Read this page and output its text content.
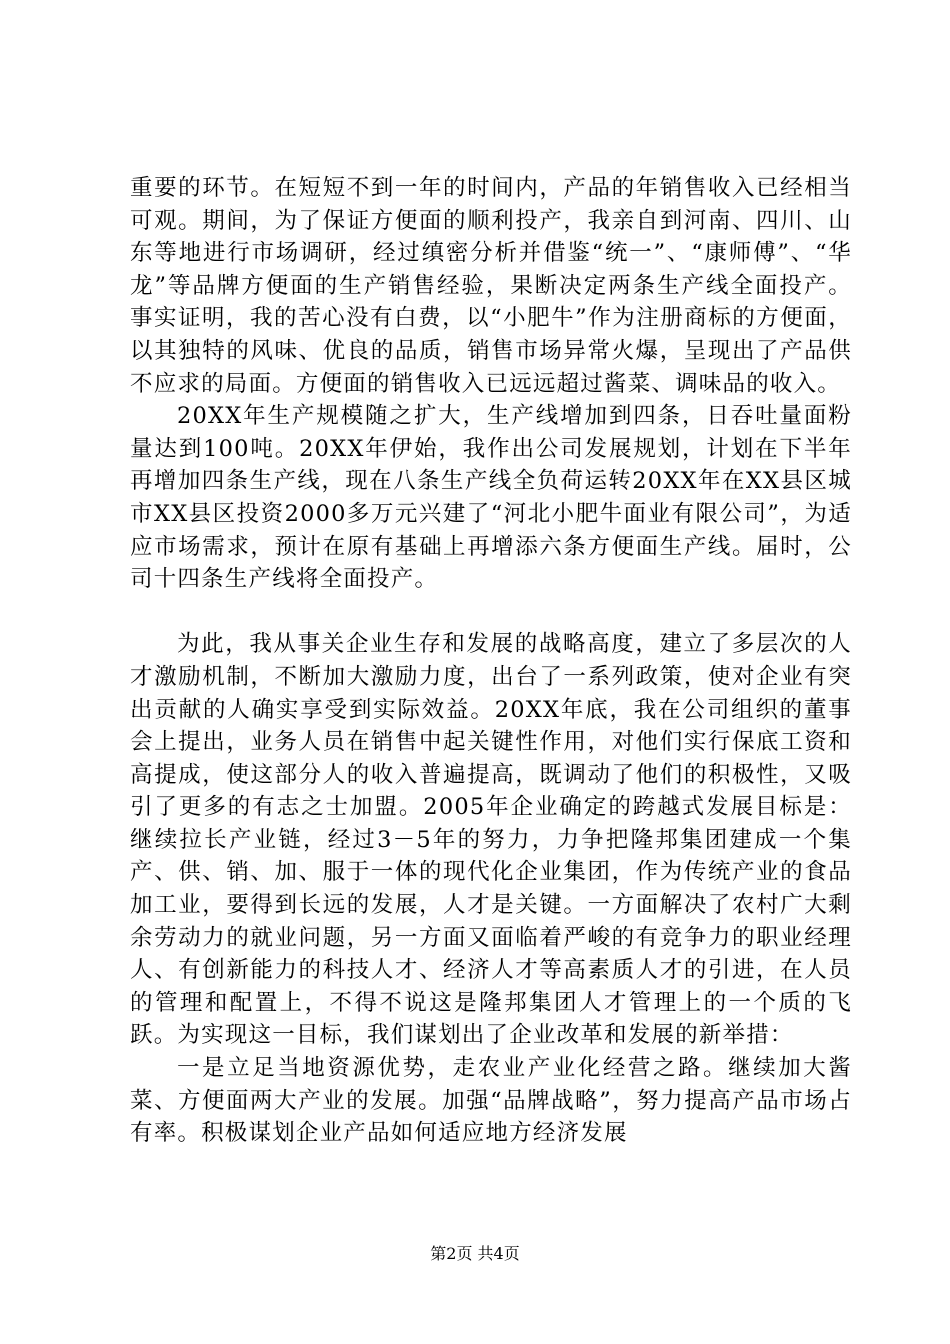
重要的环节。在短短不到一年的时间内，产品的年销售收入已经相当可观。期间，为了保证方便面的顺利投产，我亲自到河南、四川、山东等地进行市场调研，经过缜密分析并借鉴“统一”、“康师傅”、“华龙”等品牌方便面的生产销售经验，果断决定两条生产线全面投产。事实证明，我的苦心没有白费，以“小肥牛”作为注册商标的方便面，以其独特的风味、优良的品质，销售市场异常火爆，呈现出了产品供不应求的局面。方便面的销售收入已远远超过酱菜、调味品的收入。

20XX年生产规模随之扩大，生产线增加到四条，日吞吐量面粉量达到100吨。20XX年伊始，我作出公司发展规划，计划在下半年再增加四条生产线，现在八条生产线全负荷运转20XX年在XX县区城市XX县区投资2000多万元兴建了“河北小肥牛面业有限公司”，为适应市场需求，预计在原有基础上再增添六条方便面生产线。届时，公司十四条生产线将全面投产。

为此，我从事关企业生存和发展的战略高度，建立了多层次的人才激励机制，不断加大激励力度，出台了一系列政策，使对企业有突出贡献的人确实享受到实际效益。20XX年底，我在公司组织的董事会上提出，业务人员在销售中起关键性作用，对他们实行保底工资和高提成，使这部分人的收入普遍提高，既调动了他们的积极性，又吸引了更多的有志之士加盟。2005年企业确定的跨越式发展目标是：继续拉长产业链，经过3－5年的努力，力争把隆邦集团建成一个集产、供、销、加、服于一体的现代化企业集团，作为传统产业的食品加工业，要得到长远的发展，人才是关键。一方面解决了农村广大剩余劳动力的就业问题，另一方面又面临着严峻的有竞争力的职业经理人、有创新能力的科技人才、经济人才等高素质人才的引进，在人员的管理和配置上，不得不说这是隆邦集团人才管理上的一个质的飞跃。为实现这一目标，我们谋划出了企业改革和发展的新举措：

一是立足当地资源优势，走农业产业化经营之路。继续加大酱菜、方便面两大产业的发展。加强“品牌战略”，努力提高产品市场占有率。积极谋划企业产品如何适应地方经济发展

第2页 共4页
